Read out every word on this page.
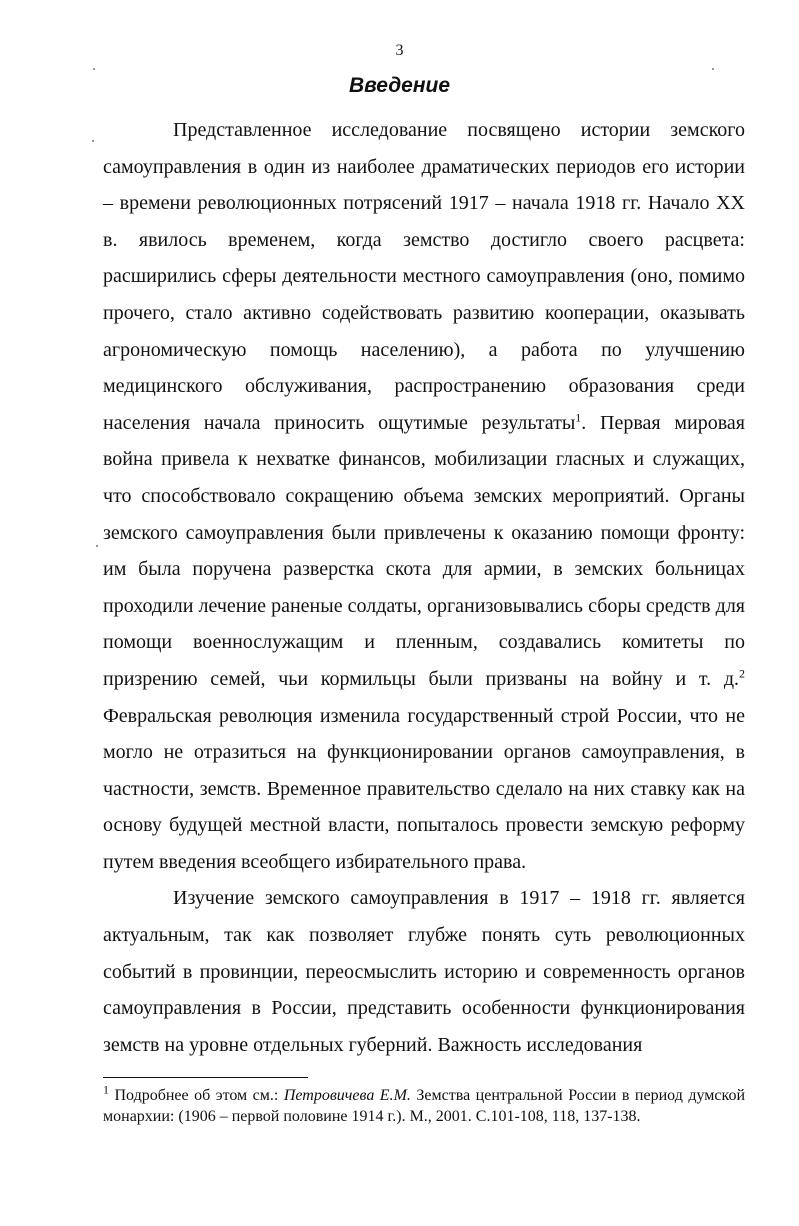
3
Введение

Представленное исследование посвящено истории земского самоуправления в один из наиболее драматических периодов его истории – времени революционных потрясений 1917 – начала 1918 гг. Начало XX в. явилось временем, когда земство достигло своего расцвета: расширились сферы деятельности местного самоуправления (оно, помимо прочего, стало активно содействовать развитию кооперации, оказывать агрономическую помощь населению), а работа по улучшению медицинского обслуживания, распространению образования среди населения начала приносить ощутимые результаты$^1$. Первая мировая война привела к нехватке финансов, мобилизации гласных и служащих, что способствовало сокращению объема земских мероприятий. Органы земского самоуправления были привлечены к оказанию помощи фронту: им была поручена разверстка скота для армии, в земских больницах проходили лечение раненые солдаты, организовывались сборы средств для помощи военнослужащим и пленным, создавались комитеты по призрению семей, чьи кормильцы были призваны на войну и т. д.$^2$ Февральская революция изменила государственный строй России, что не могло не отразиться на функционировании органов самоуправления, в частности, земств. Временное правительство сделало на них ставку как на основу будущей местной власти, попыталось провести земскую реформу путем введения всеобщего избирательного права.

Изучение земского самоуправления в 1917 – 1918 гг. является актуальным, так как позволяет глубже понять суть революционных событий в провинции, переосмыслить историю и современность органов самоуправления в России, представить особенности функционирования земств на уровне отдельных губерний. Важность исследования

$^1$ Подробнее об этом см.: Петровичева Е.М. Земства центральной России в период думской монархии: (1906 – первой половине 1914 г.). М., 2001. С.101-108, 118, 137-138.
